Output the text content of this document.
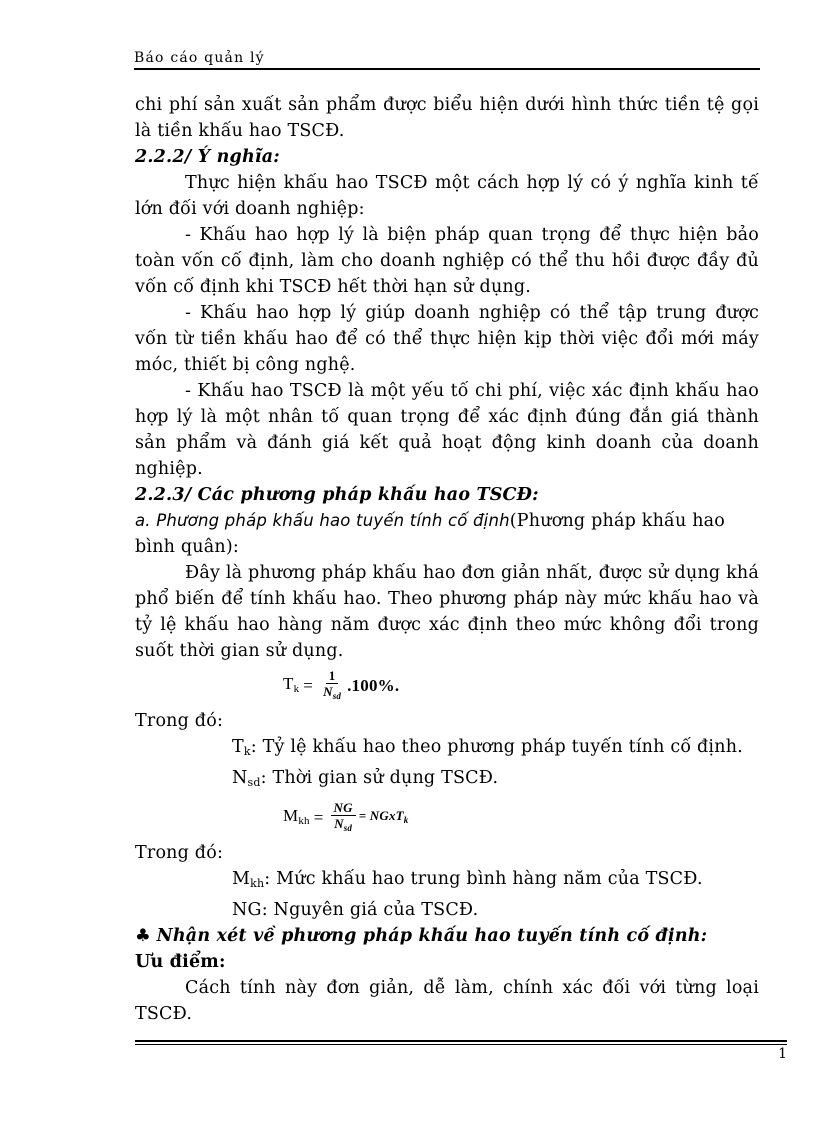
Báo cáo quản lý

chi phí sản xuất sản phẩm được biểu hiện dưới hình thức tiền tệ gọi là tiền khấu hao TSCĐ.

2.2.2/ Ý nghĩa:

Thực hiện khấu hao TSCĐ một cách hợp lý có ý nghĩa kinh tế lớn đối với doanh nghiệp:

- Khấu hao hợp lý là biện pháp quan trọng để thực hiện bảo toàn vốn cố định, làm cho doanh nghiệp có thể thu hồi được đầy đủ vốn cố định khi TSCĐ hết thời hạn sử dụng.

- Khấu hao hợp lý giúp doanh nghiệp có thể tập trung được vốn từ tiền khấu hao để có thể thực hiện kịp thời việc đổi mới máy móc, thiết bị công nghệ.

- Khấu hao TSCĐ là một yếu tố chi phí, việc xác định khấu hao hợp lý là một nhân tố quan trọng để xác định đúng đắn giá thành sản phẩm và đánh giá kết quả hoạt động kinh doanh của doanh nghiệp.

2.2.3/ Các phương pháp khấu hao TSCĐ:

a. Phương pháp khấu hao tuyến tính cố định(Phương pháp khấu hao bình quân):

Đây là phương pháp khấu hao đơn giản nhất, được sử dụng khá phổ biến để tính khấu hao. Theo phương pháp này mức khấu hao và tỷ lệ khấu hao hàng năm được xác định theo mức không đổi trong suốt thời gian sử dụng.

$T_k = \frac{1}{N_{sd}} .100\%$.

Trong đó:

$T_k$: Tỷ lệ khấu hao theo phương pháp tuyến tính cố định.

$N_{sd}$: Thời gian sử dụng TSCĐ.

$M_{kh} = \frac{NG}{N_{sd}}$ = NGxT$_k$

Trong đó:

$M_{kh}$: Mức khấu hao trung bình hàng năm của TSCĐ.

NG: Nguyên giá của TSCĐ.

♣ Nhận xét về phương pháp khấu hao tuyến tính cố định:

Ưu điểm:

Cách tính này đơn giản, dễ làm, chính xác đối với từng loại TSCĐ.

1
